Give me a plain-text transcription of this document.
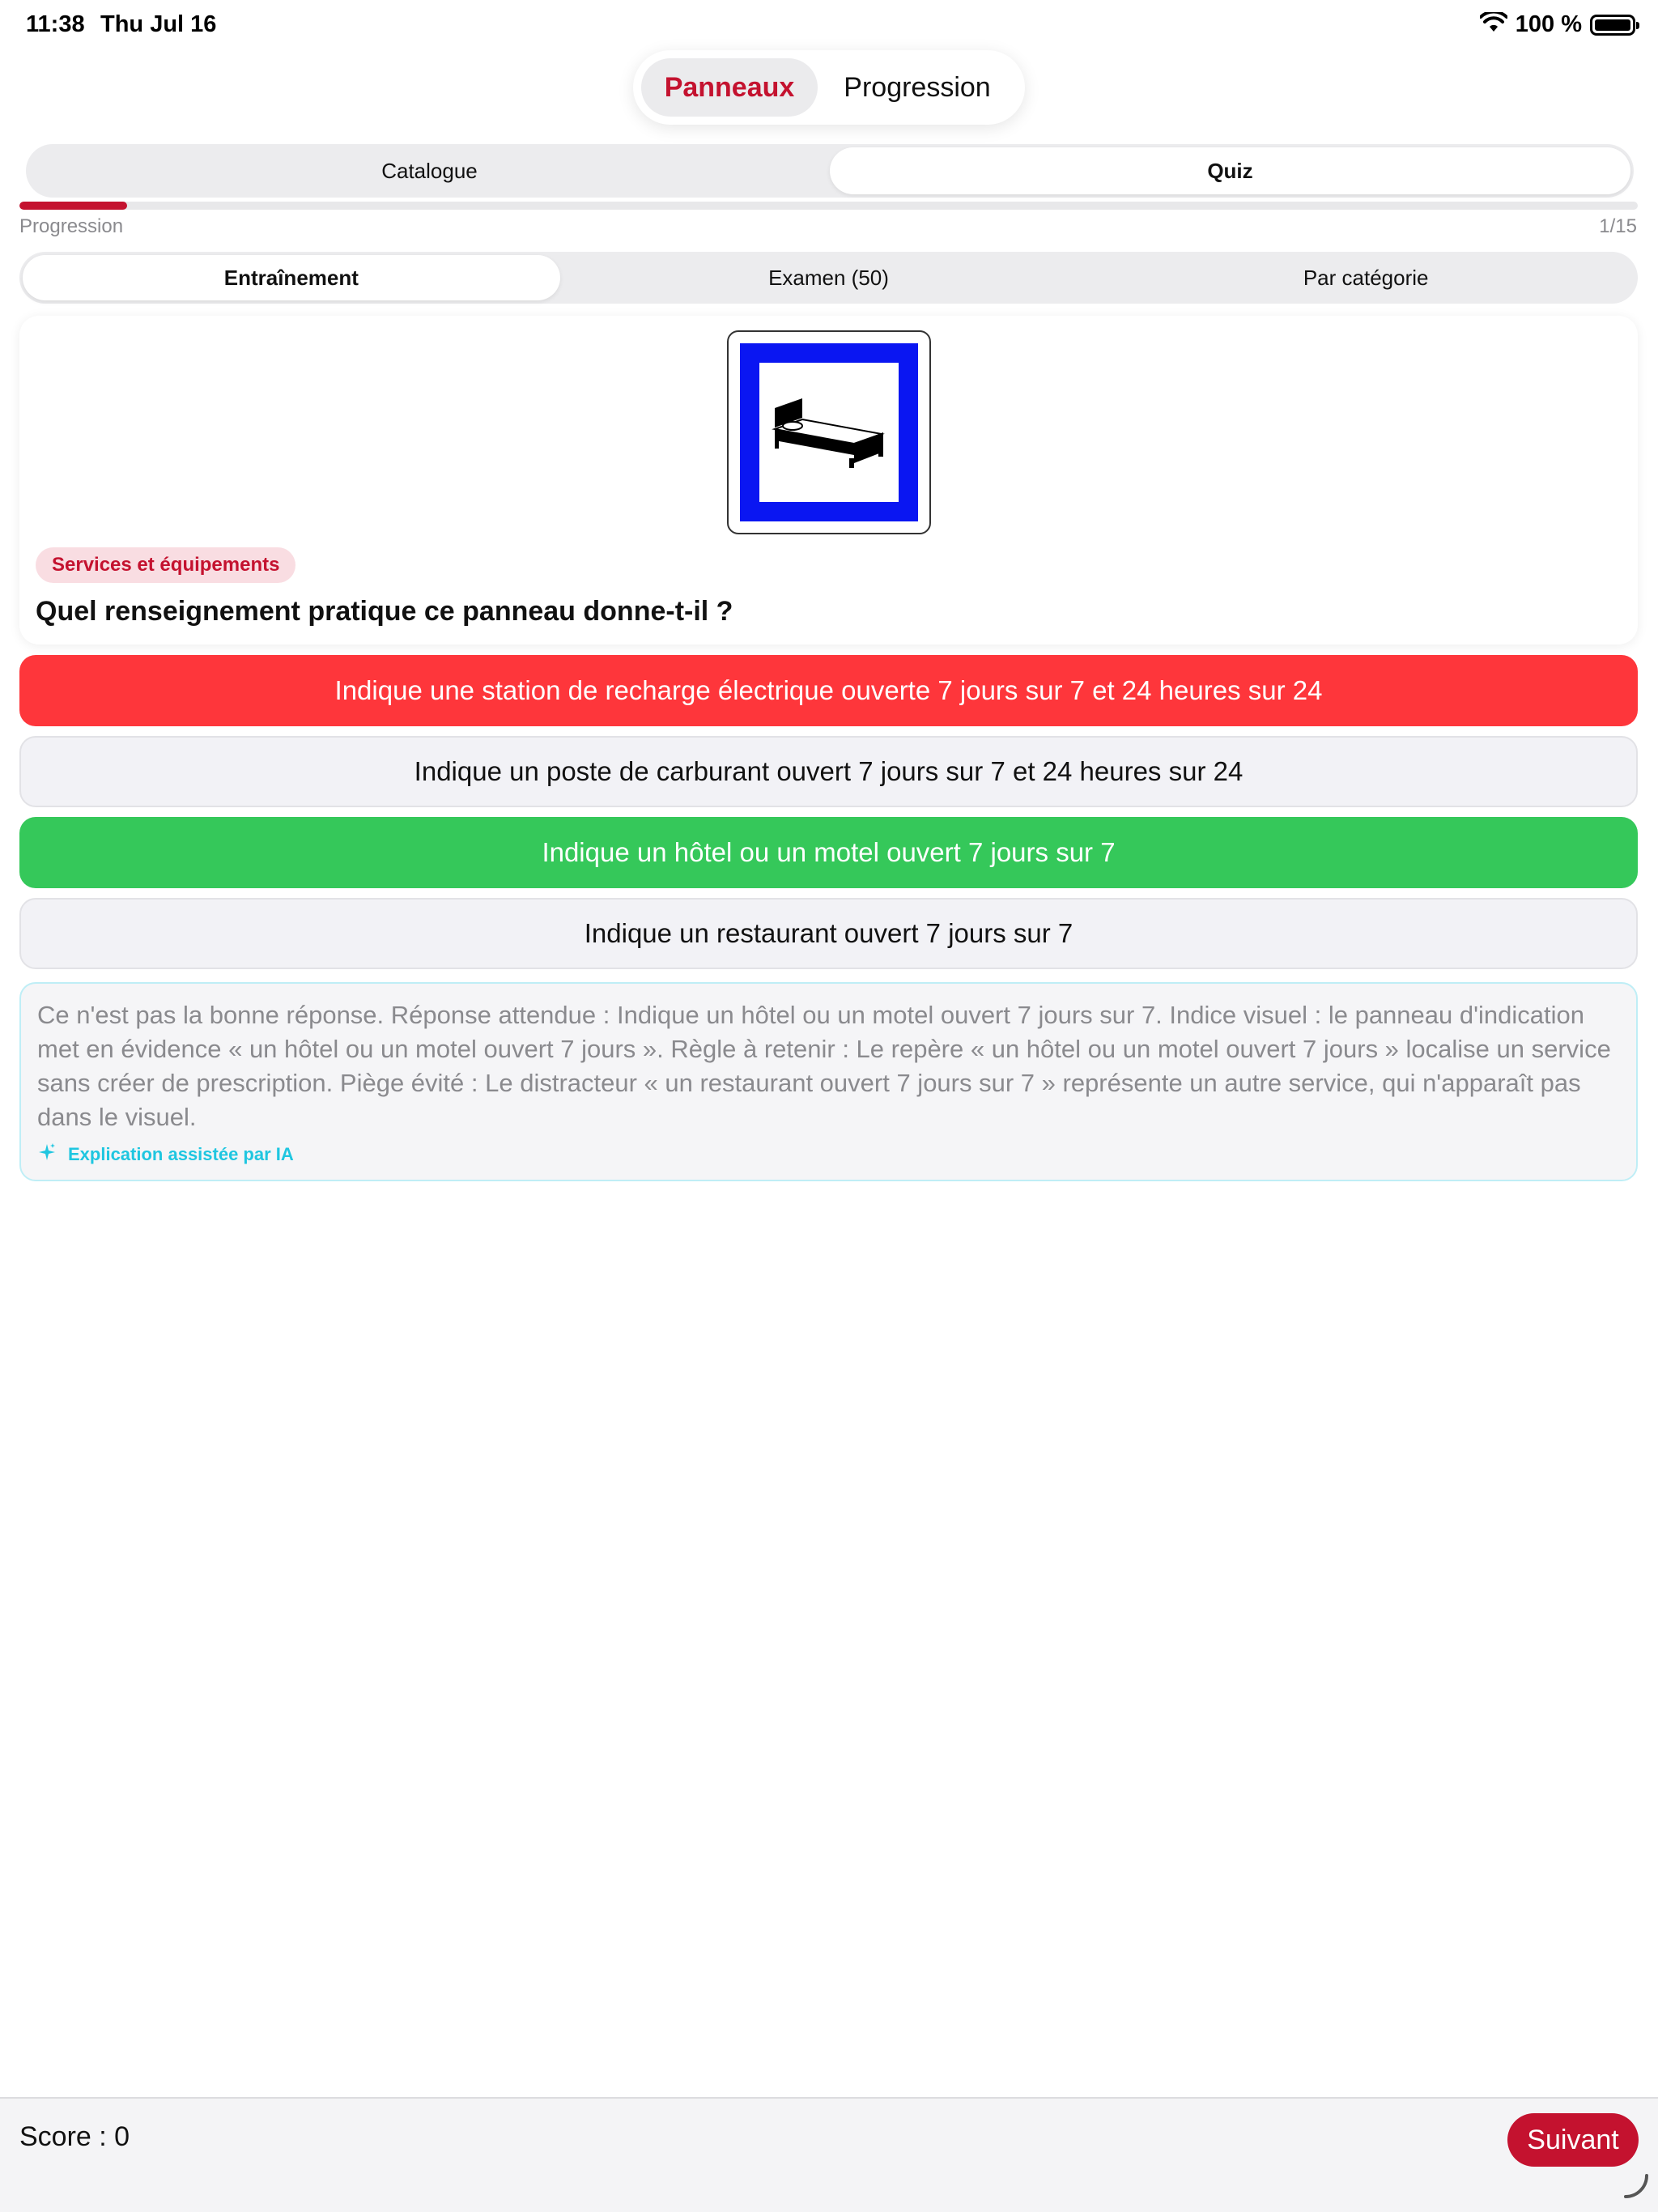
11:38 Thu Jul 16	100 %
Panneaux	Progression
Catalogue	Quiz
Progression	1/15
Entraînement	Examen (50)	Par catégorie
Services et équipements
Quel renseignement pratique ce panneau donne-t-il ?
Indique une station de recharge électrique ouverte 7 jours sur 7 et 24 heures sur 24
Indique un poste de carburant ouvert 7 jours sur 7 et 24 heures sur 24
Indique un hôtel ou un motel ouvert 7 jours sur 7
Indique un restaurant ouvert 7 jours sur 7

Ce n'est pas la bonne réponse. Réponse attendue : Indique un hôtel ou un motel ouvert 7 jours sur 7. Indice visuel : le panneau d'indication met en évidence « un hôtel ou un motel ouvert 7 jours ». Règle à retenir : Le repère « un hôtel ou un motel ouvert 7 jours » localise un service sans créer de prescription. Piège évité : Le distracteur « un restaurant ouvert 7 jours sur 7 » représente un autre service, qui n'apparaît pas dans le visuel.

Explication assistée par IA
Score : 0	Suivant
